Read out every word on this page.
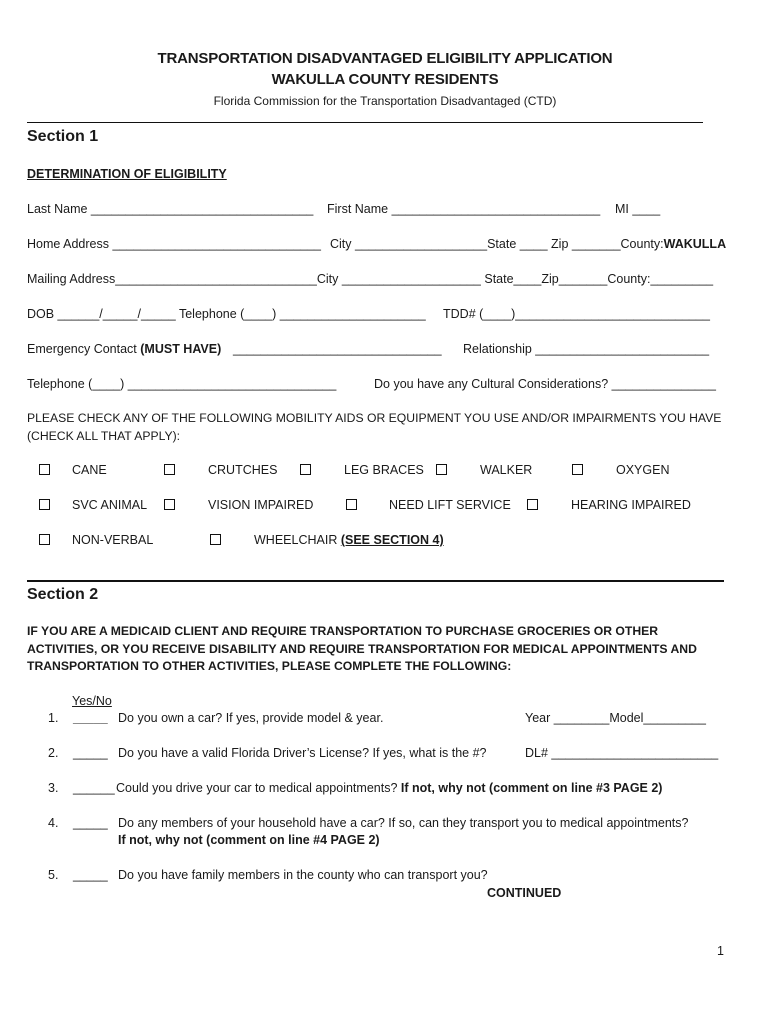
TRANSPORTATION DISADVANTAGED ELIGIBILITY APPLICATION
WAKULLA COUNTY RESIDENTS
Florida Commission for the Transportation Disadvantaged (CTD)
Section 1
DETERMINATION OF ELIGIBILITY
Last Name ________________________________ First Name ______________________________ MI ____
Home Address ______________________________ City ___________________State ____ Zip _______County:WAKULLA
Mailing Address_____________________________City ____________________ State____Zip_______County:_________
DOB ______/_____/_____ Telephone (____) _____________________ TDD# (____)____________________________
Emergency Contact (MUST HAVE) ______________________________ Relationship _________________________
Telephone (____) ______________________________	Do you have any Cultural Considerations? _______________
PLEASE CHECK ANY OF THE FOLLOWING MOBILITY AIDS OR EQUIPMENT YOU USE AND/OR IMPAIRMENTS YOU HAVE
(CHECK ALL THAT APPLY):
CANE	CRUTCHES	LEG BRACES	WALKER	OXYGEN
SVC ANIMAL	VISION IMPAIRED	NEED LIFT SERVICE	HEARING IMPAIRED
NON-VERBAL	WHEELCHAIR (SEE SECTION 4)
Section 2
IF YOU ARE A MEDICAID CLIENT AND REQUIRE TRANSPORTATION TO PURCHASE GROCERIES OR OTHER ACTIVITIES, OR YOU RECEIVE DISABILITY AND REQUIRE TRANSPORTATION FOR MEDICAL APPOINTMENTS AND TRANSPORTATION TO OTHER ACTIVITIES, PLEASE COMPLETE THE FOLLOWING:
Yes/No
1. _____ Do you own a car? If yes, provide model & year.	Year ________Model_________
2. _____ Do you have a valid Florida Driver’s License? If yes, what is the #?	DL# ________________________
3. ______ Could you drive your car to medical appointments? If not, why not (comment on line #3 PAGE 2)
4. _____ Do any members of your household have a car? If so, can they transport you to medical appointments?
If not, why not (comment on line #4 PAGE 2)
5. _____ Do you have family members in the county who can transport you?
CONTINUED
1
